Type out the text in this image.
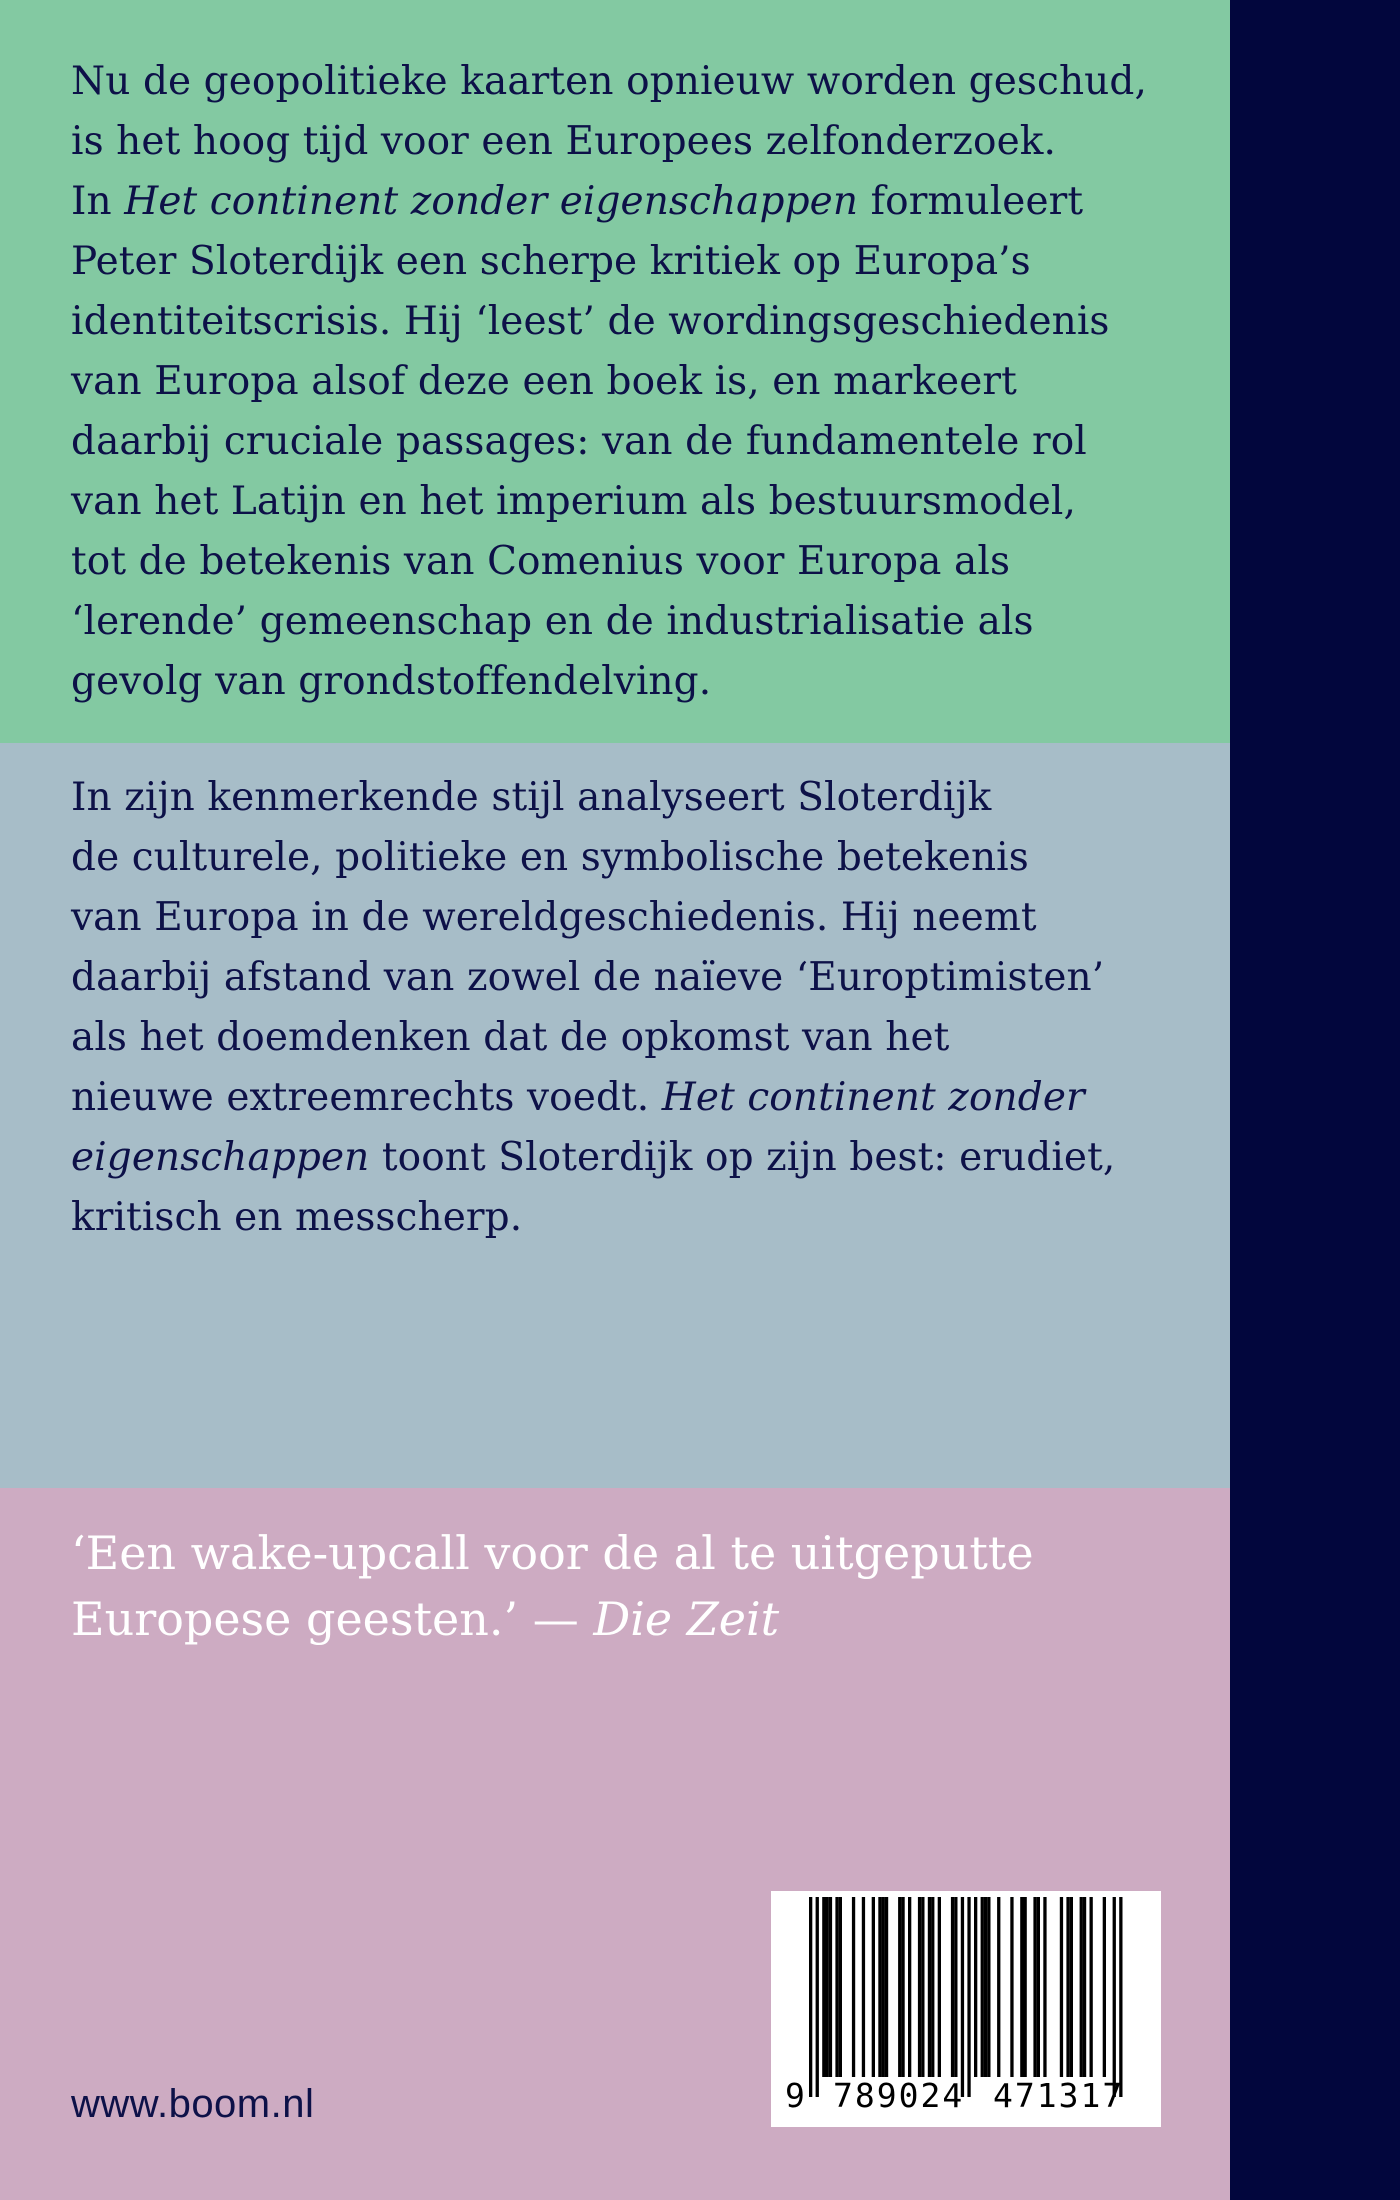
Nu de geopolitieke kaarten opnieuw worden geschud,
is het hoog tijd voor een Europees zelfonderzoek.
In Het continent zonder eigenschappen formuleert
Peter Sloterdijk een scherpe kritiek op Europa’s
identiteitscrisis. Hij ‘leest’ de wordingsgeschiedenis
van Europa alsof deze een boek is, en markeert
daarbij cruciale passages: van de fundamentele rol
van het Latijn en het imperium als bestuursmodel,
tot de betekenis van Comenius voor Europa als
‘lerende’ gemeenschap en de industrialisatie als
gevolg van grondstoffendelving.

In zijn kenmerkende stijl analyseert Sloterdijk
de culturele, politieke en symbolische betekenis
van Europa in de wereldgeschiedenis. Hij neemt
daarbij afstand van zowel de naïeve ‘Europtimisten’
als het doemdenken dat de opkomst van het
nieuwe extreemrechts voedt. Het continent zonder
eigenschappen toont Sloterdijk op zijn best: erudiet,
kritisch en messcherp.

‘Een wake-upcall voor de al te uitgeputte
Europese geesten.’ — Die Zeit

www.boom.nl	9 789024 471317
